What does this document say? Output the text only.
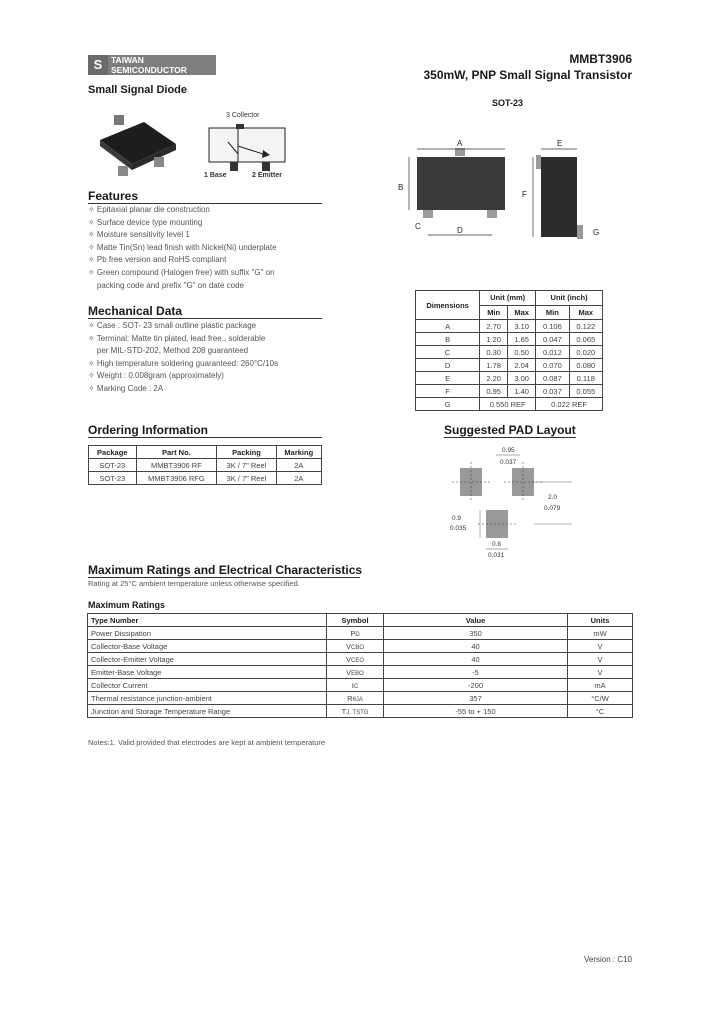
S	TAIWAN
SEMICONDUCTOR
MMBT3906
350mW, PNP Small Signal Transistor
Small Signal Diode
SOT-23
3 Collector
1 Base	2 Emitter
A
B
C	D
E
F
G
Features
✧ Epitaxial planar die construction
✧ Surface device type mounting
✧ Moisture sensitivity level 1
✧ Matte Tin(Sn) lead finish with Nickel(Ni) underplate
✧ Pb free version and RoHS compliant
✧ Green compound (Halogen free) with suffix "G" on
packing code and prefix "G" on date code
Mechanical Data
✧ Case : SOT- 23 small outline plastic package
✧ Terminal: Matte tin plated, lead free., solderable
per MIL-STD-202, Method 208 guaranteed
✧ High temperature soldering guaranteed: 260°C/10s
✧ Weight : 0.008gram (approximately)
✧ Marking Code : 2A
Dimensions	Unit (mm)		Unit (inch)	
	Min	Max	Min	Max
A	2.70	3.10	0.106	0.122
B	1.20	1.65	0.047	0.065
C	0.30	0.50	0.012	0.020
D	1.78	2.04	0.070	0.080
E	2.20	3.00	0.087	0.118
F	0.95	1.40	0.037	0.055
G	0.550 REF		0.022 REF	
Ordering Information
Package	Part No.	Packing	Marking
SOT-23	MMBT3906 RF	3K / 7" Reel	2A
SOT-23	MMBT3906 RFG	3K / 7" Reel	2A
Suggested PAD Layout
0.95
0.037
2.0
0.079
0.9
0.035
0.8
0.031
Maximum Ratings and Electrical Characteristics
Rating at 25°C ambient temperature unless otherwise specified.
Maximum Ratings
Type Number	Symbol	Value	Units
Power Dissipation	PD	350	mW
Collector-Base Voltage	VCBO	40	V
Collector-Emitter Voltage	VCEO	40	V
Emitter-Base Voltage	VEBO	-5	V
Collector Current	IC	-200	mA
Thermal resistance junction-ambient	RθJA	357	°C/W
Junction and Storage Temperature Range	TJ, TSTG	-55 to + 150	°C
Notes:1. Valid provided that electrodes are kept at ambient temperature
Version : C10
